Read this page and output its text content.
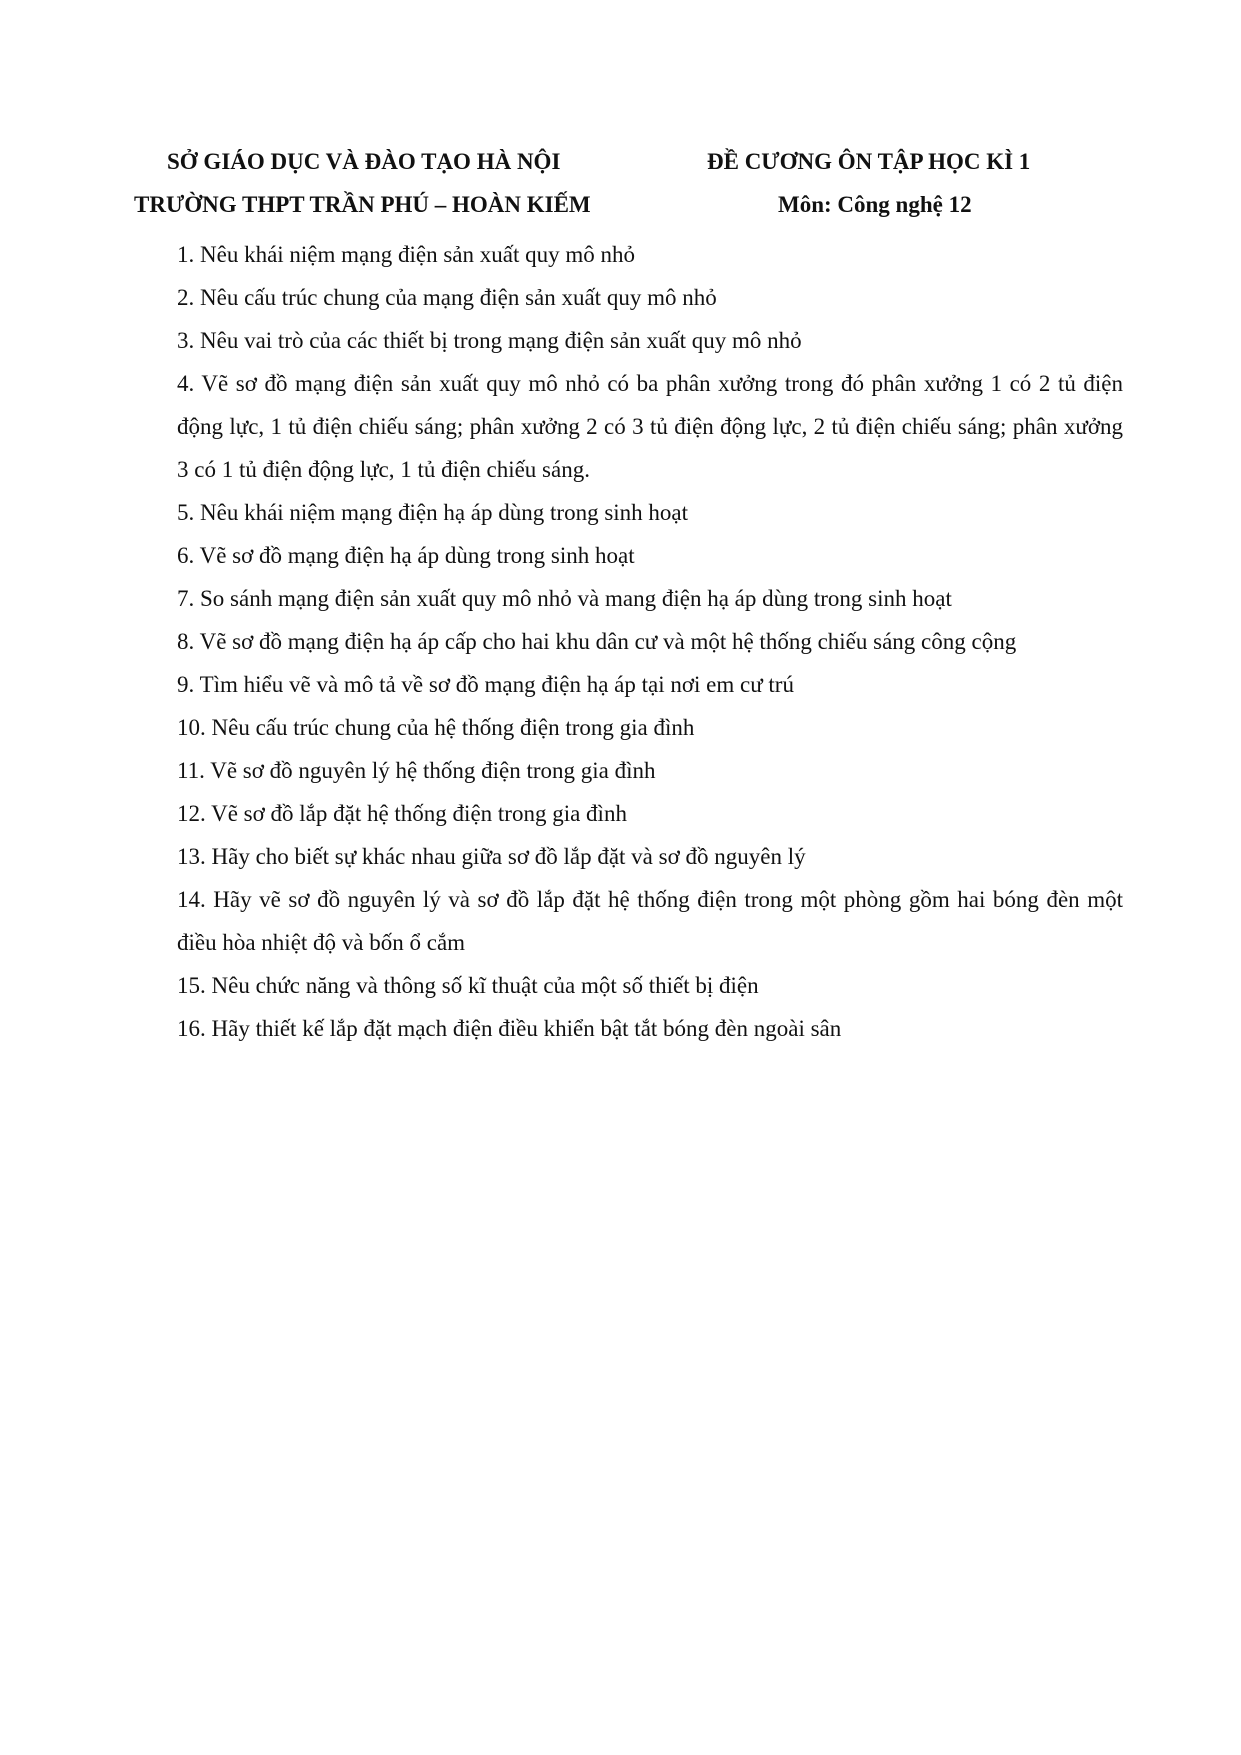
SỞ GIÁO DỤC VÀ ĐÀO TẠO HÀ NỘI
TRƯỜNG THPT TRẦN PHÚ – HOÀN KIẾM
ĐỀ CƯƠNG ÔN TẬP HỌC KÌ 1
Môn: Công nghệ 12
1. Nêu khái niệm mạng điện sản xuất quy mô nhỏ
2. Nêu cấu trúc chung của mạng điện sản xuất quy mô nhỏ
3. Nêu vai trò của các thiết bị trong mạng điện sản xuất quy mô nhỏ
4. Vẽ sơ đồ mạng điện sản xuất quy mô nhỏ có ba phân xưởng trong đó phân xưởng 1 có 2 tủ điện động lực, 1 tủ điện chiếu sáng; phân xưởng 2 có 3 tủ điện động lực, 2 tủ điện chiếu sáng; phân xưởng 3 có 1 tủ điện động lực, 1 tủ điện chiếu sáng.
5. Nêu khái niệm mạng điện hạ áp dùng trong sinh hoạt
6. Vẽ sơ đồ mạng điện hạ áp dùng trong sinh hoạt
7. So sánh mạng điện sản xuất quy mô nhỏ và mang điện hạ áp dùng trong sinh hoạt
8. Vẽ sơ đồ mạng điện hạ áp cấp cho hai khu dân cư và một hệ thống chiếu sáng công cộng
9. Tìm hiểu vẽ và mô tả về sơ đồ mạng điện hạ áp tại nơi em cư trú
10. Nêu cấu trúc chung của hệ thống điện trong gia đình
11. Vẽ sơ đồ nguyên lý hệ thống điện trong gia đình
12. Vẽ sơ đồ lắp đặt hệ thống điện trong gia đình
13. Hãy cho biết sự khác nhau giữa sơ đồ lắp đặt và sơ đồ nguyên lý
14. Hãy vẽ sơ đồ nguyên lý và sơ đồ lắp đặt hệ thống điện trong một phòng gồm hai bóng đèn một điều hòa nhiệt độ và bốn ổ cắm
15. Nêu chức năng và thông số kĩ thuật của một số thiết bị điện
16. Hãy thiết kế lắp đặt mạch điện điều khiển bật tắt bóng đèn ngoài sân
